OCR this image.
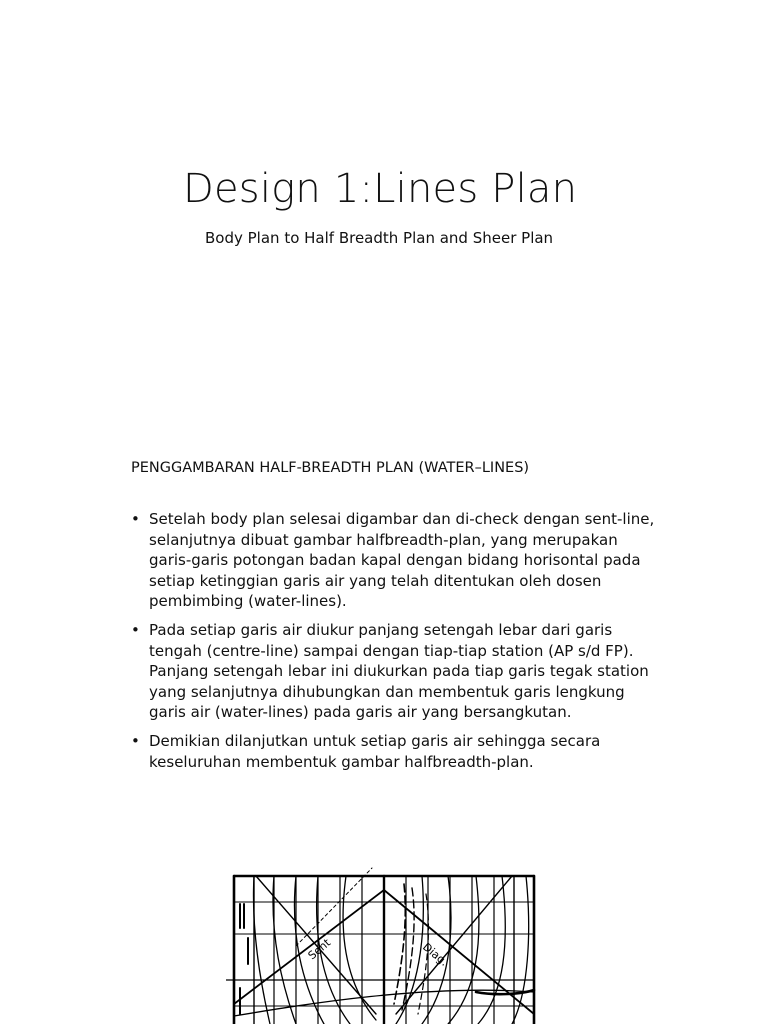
Design 1:Lines Plan
Body Plan to Half Breadth Plan and Sheer Plan
PENGGAMBARAN HALF-BREADTH PLAN (WATER–LINES)
• Setelah body plan selesai digambar dan di-check dengan sent-line, selanjutnya dibuat gambar halfbreadth-plan, yang merupakan garis-garis potongan badan kapal dengan bidang horisontal pada setiap ketinggian garis air yang telah ditentukan oleh dosen pembimbing (water-lines).
• Pada setiap garis air diukur panjang setengah lebar dari garis tengah (centre-line) sampai dengan tiap-tiap station (AP s/d FP). Panjang setengah lebar ini diukurkan pada tiap garis tegak station yang selanjutnya dihubungkan dan membentuk garis lengkung garis air (water-lines) pada garis air yang bersangkutan.
• Demikian dilanjutkan untuk setiap garis air sehingga secara keseluruhan membentuk gambar halfbreadth-plan.
Sent	Diag.
